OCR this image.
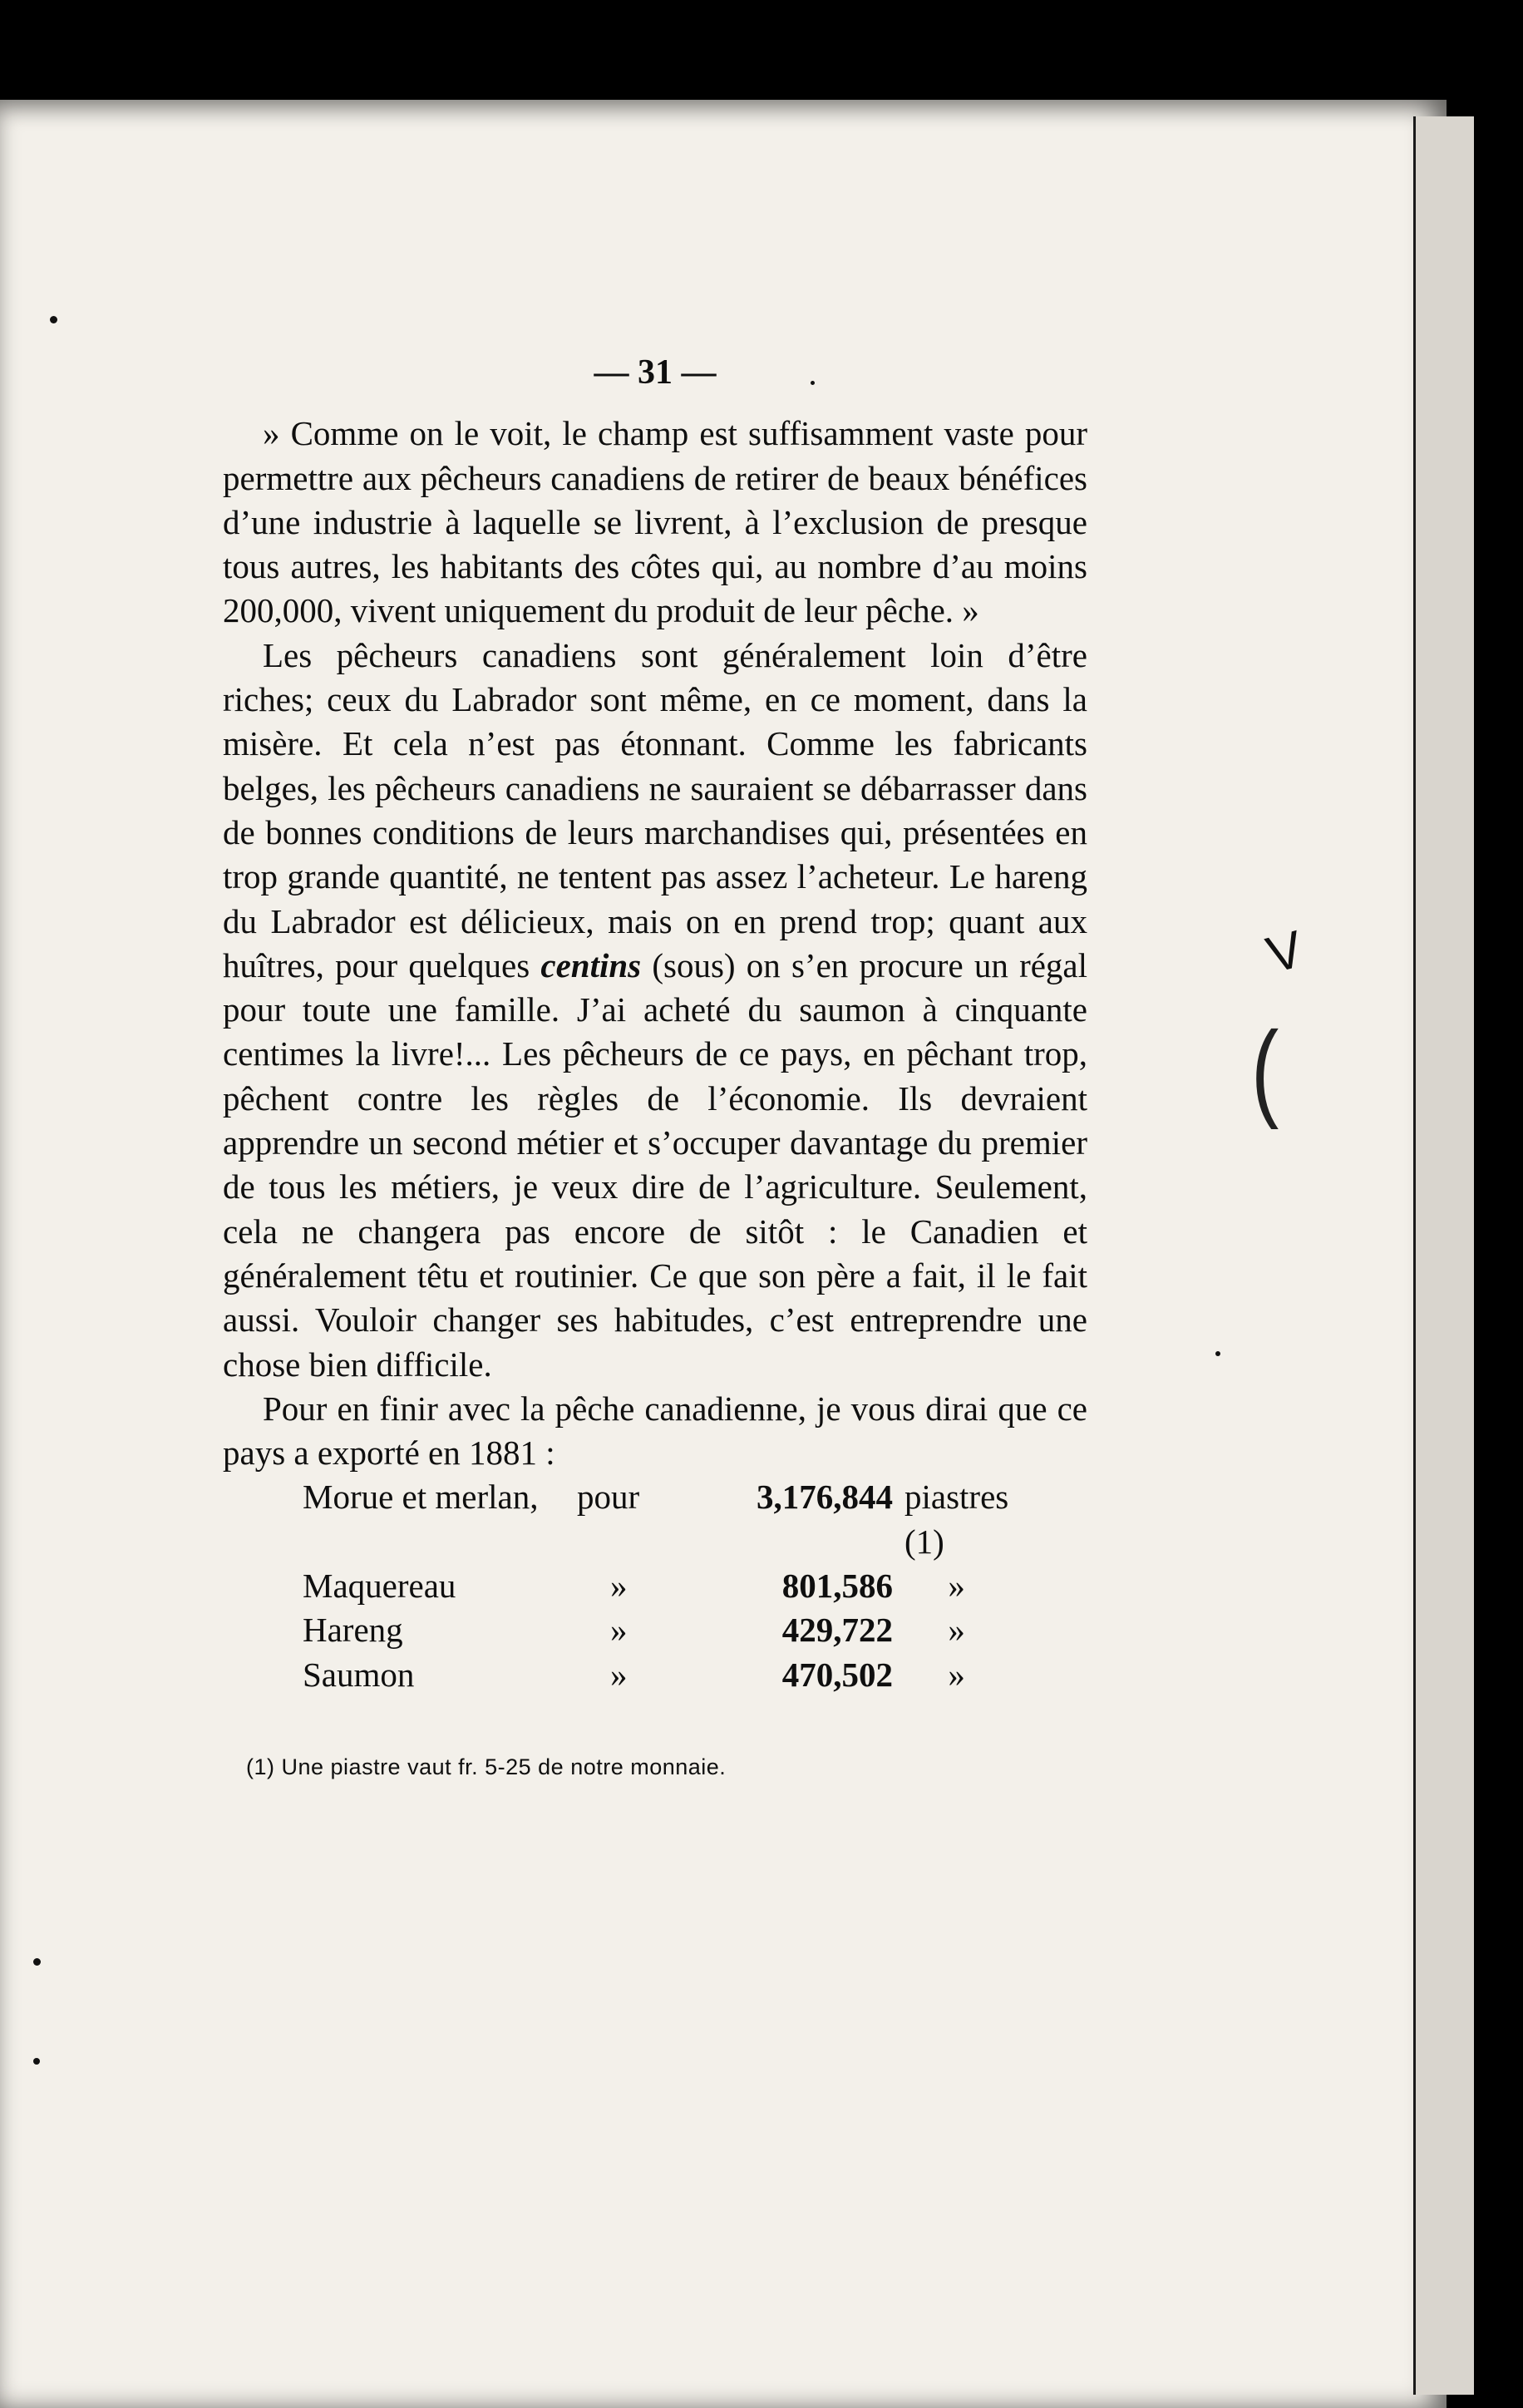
— 31 —

» Comme on le voit, le champ est suffisamment vaste pour permettre aux pêcheurs canadiens de retirer de beaux bénéfices d’une industrie à laquelle se livrent, à l’exclusion de presque tous autres, les habitants des côtes qui, au nombre d’au moins 200,000, vivent uniquement du produit de leur pêche. »

Les pêcheurs canadiens sont généralement loin d’être riches; ceux du Labrador sont même, en ce moment, dans la misère. Et cela n’est pas étonnant. Comme les fabricants belges, les pêcheurs canadiens ne sauraient se débarrasser dans de bonnes conditions de leurs marchandises qui, présentées en trop grande quantité, ne tentent pas assez l’acheteur. Le hareng du Labrador est délicieux, mais on en prend trop; quant aux huîtres, pour quelques centins (sous) on s’en procure un régal pour toute une famille. J’ai acheté du saumon à cinquante centimes la livre!... Les pêcheurs de ce pays, en pêchant trop, pêchent contre les règles de l’économie. Ils devraient apprendre un second métier et s’occuper davantage du premier de tous les métiers, je veux dire de l’agriculture. Seulement, cela ne changera pas encore de sitôt : le Canadien et généralement têtu et routinier. Ce que son père a fait, il le fait aussi. Vouloir changer ses habitudes, c’est entreprendre une chose bien difficile.

Pour en finir avec la pêche canadienne, je vous dirai que ce pays a exporté en 1881 :

Morue et merlan,	pour	3,176,844	piastres (1)
Maquereau	»	801,586	»
Hareng	»	429,722	»
Saumon	»	470,502	»
(1) Une piastre vaut fr. 5-25 de notre monnaie.
V
(
